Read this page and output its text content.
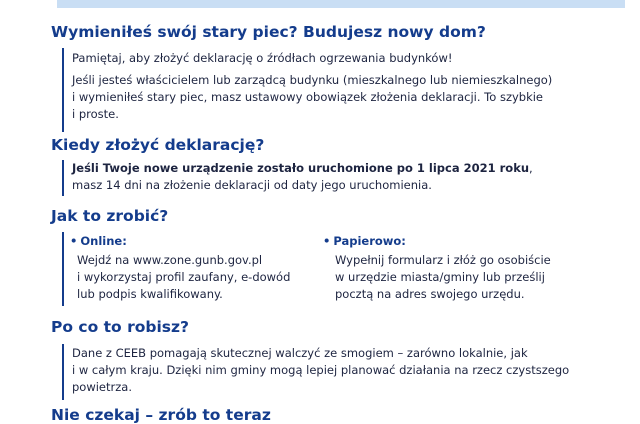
Wymieniłeś swój stary piec? Budujesz nowy dom?

Pamiętaj, aby złożyć deklarację o źródłach ogrzewania budynków!

Jeśli jesteś właścicielem lub zarządcą budynku (mieszkalnego lub niemieszkalnego)
i wymieniłeś stary piec, masz ustawowy obowiązek złożenia deklaracji. To szybkie
i proste.

Kiedy złożyć deklarację?

Jeśli Twoje nowe urządzenie zostało uruchomione po 1 lipca 2021 roku,
masz 14 dni na złożenie deklaracji od daty jego uruchomienia.

Jak to zrobić?

• Online:

Wejdź na www.zone.gunb.gov.pl
i wykorzystaj profil zaufany, e-dowód
lub podpis kwalifikowany.

• Papierowo:

Wypełnij formularz i złóż go osobiście
w urzędzie miasta/gminy lub prześlij
pocztą na adres swojego urzędu.

Po co to robisz?

Dane z CEEB pomagają skutecznej walczyć ze smogiem – zarówno lokalnie, jak
i w całym kraju. Dzięki nim gminy mogą lepiej planować działania na rzecz czystszego
powietrza.

Nie czekaj – zrób to teraz
